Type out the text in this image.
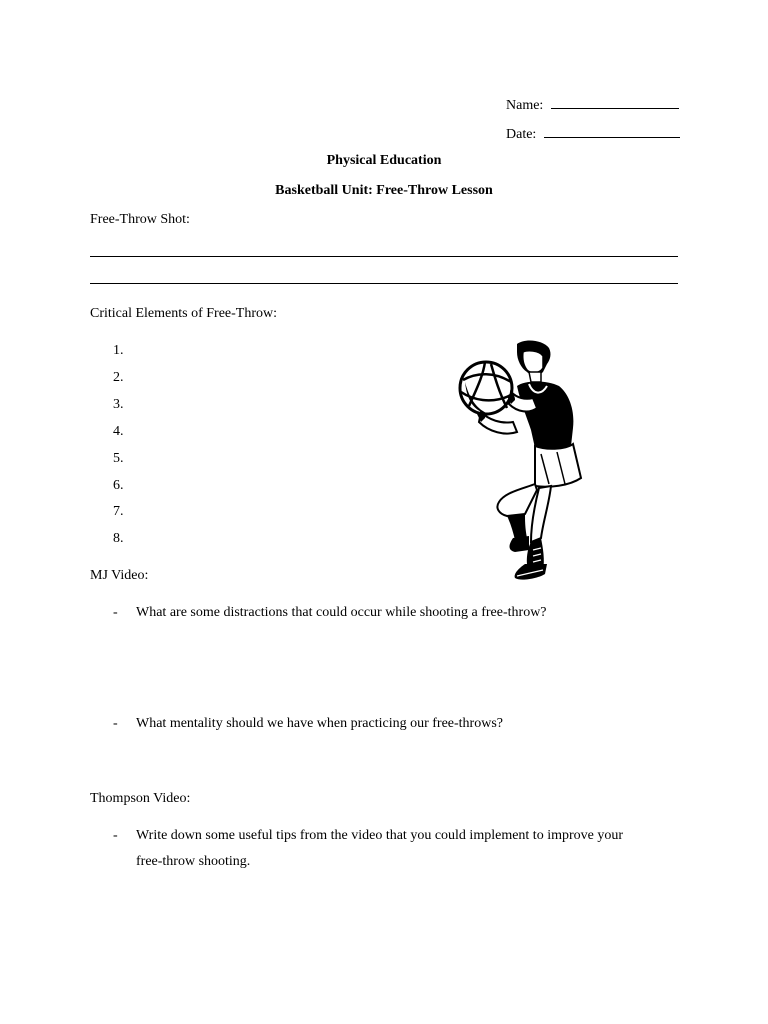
Name:
Date:
Physical Education
Basketball Unit: Free-Throw Lesson
Free-Throw Shot:
Critical Elements of Free-Throw:
1.
2.
3.
4.
5.
6.
7.
8.
MJ Video:
- What are some distractions that could occur while shooting a free-throw?
- What mentality should we have when practicing our free-throws?
Thompson Video:
- Write down some useful tips from the video that you could implement to improve your
free-throw shooting.
